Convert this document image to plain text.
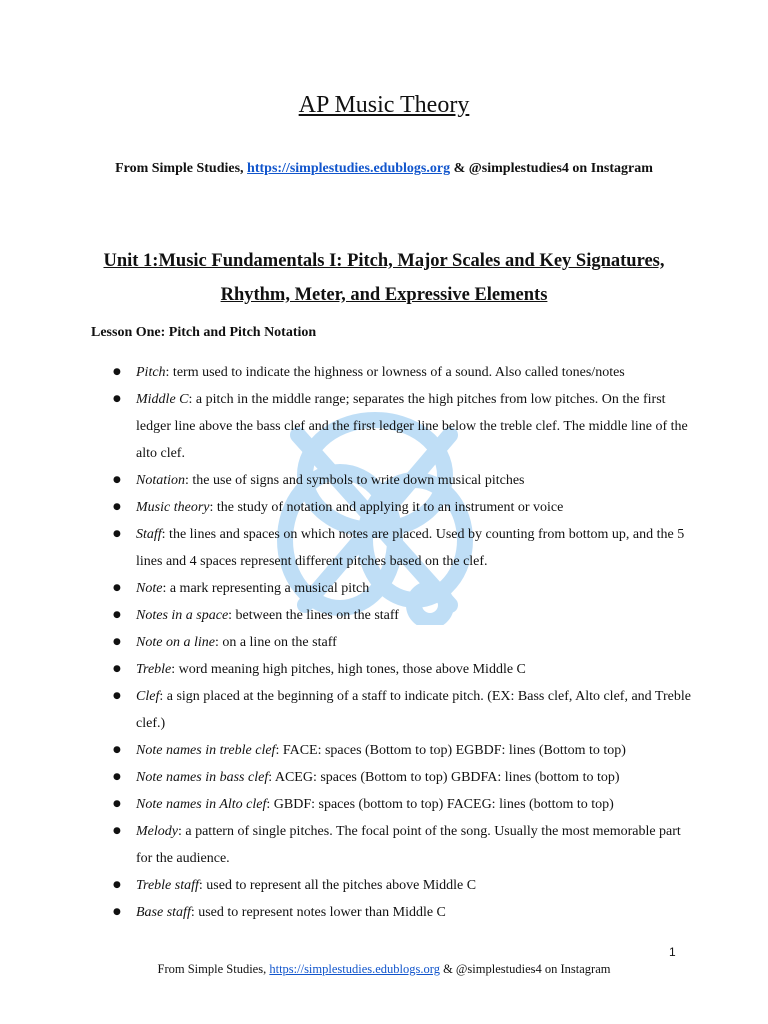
AP Music Theory
From Simple Studies, https://simplestudies.edublogs.org & @simplestudies4 on Instagram
Unit 1:Music Fundamentals I: Pitch, Major Scales and Key Signatures, Rhythm, Meter, and Expressive Elements
Lesson One: Pitch and Pitch Notation
● Pitch: term used to indicate the highness or lowness of a sound. Also called tones/notes
● Middle C: a pitch in the middle range; separates the high pitches from low pitches. On the first ledger line above the bass clef and the first ledger line below the treble clef. The middle line of the alto clef.
● Notation: the use of signs and symbols to write down musical pitches
● Music theory: the study of notation and applying it to an instrument or voice
● Staff: the lines and spaces on which notes are placed. Used by counting from bottom up, and the 5 lines and 4 spaces represent different pitches based on the clef.
● Note: a mark representing a musical pitch
● Notes in a space: between the lines on the staff
● Note on a line: on a line on the staff
● Treble: word meaning high pitches, high tones, those above Middle C
● Clef: a sign placed at the beginning of a staff to indicate pitch. (EX: Bass clef, Alto clef, and Treble clef.)
● Note names in treble clef: FACE: spaces (Bottom to top) EGBDF: lines (Bottom to top)
● Note names in bass clef: ACEG: spaces (Bottom to top) GBDFA: lines (bottom to top)
● Note names in Alto clef: GBDF: spaces (bottom to top) FACEG: lines (bottom to top)
● Melody: a pattern of single pitches. The focal point of the song. Usually the most memorable part for the audience.
● Treble staff: used to represent all the pitches above Middle C
● Base staff: used to represent notes lower than Middle C
1
From Simple Studies, https://simplestudies.edublogs.org & @simplestudies4 on Instagram
